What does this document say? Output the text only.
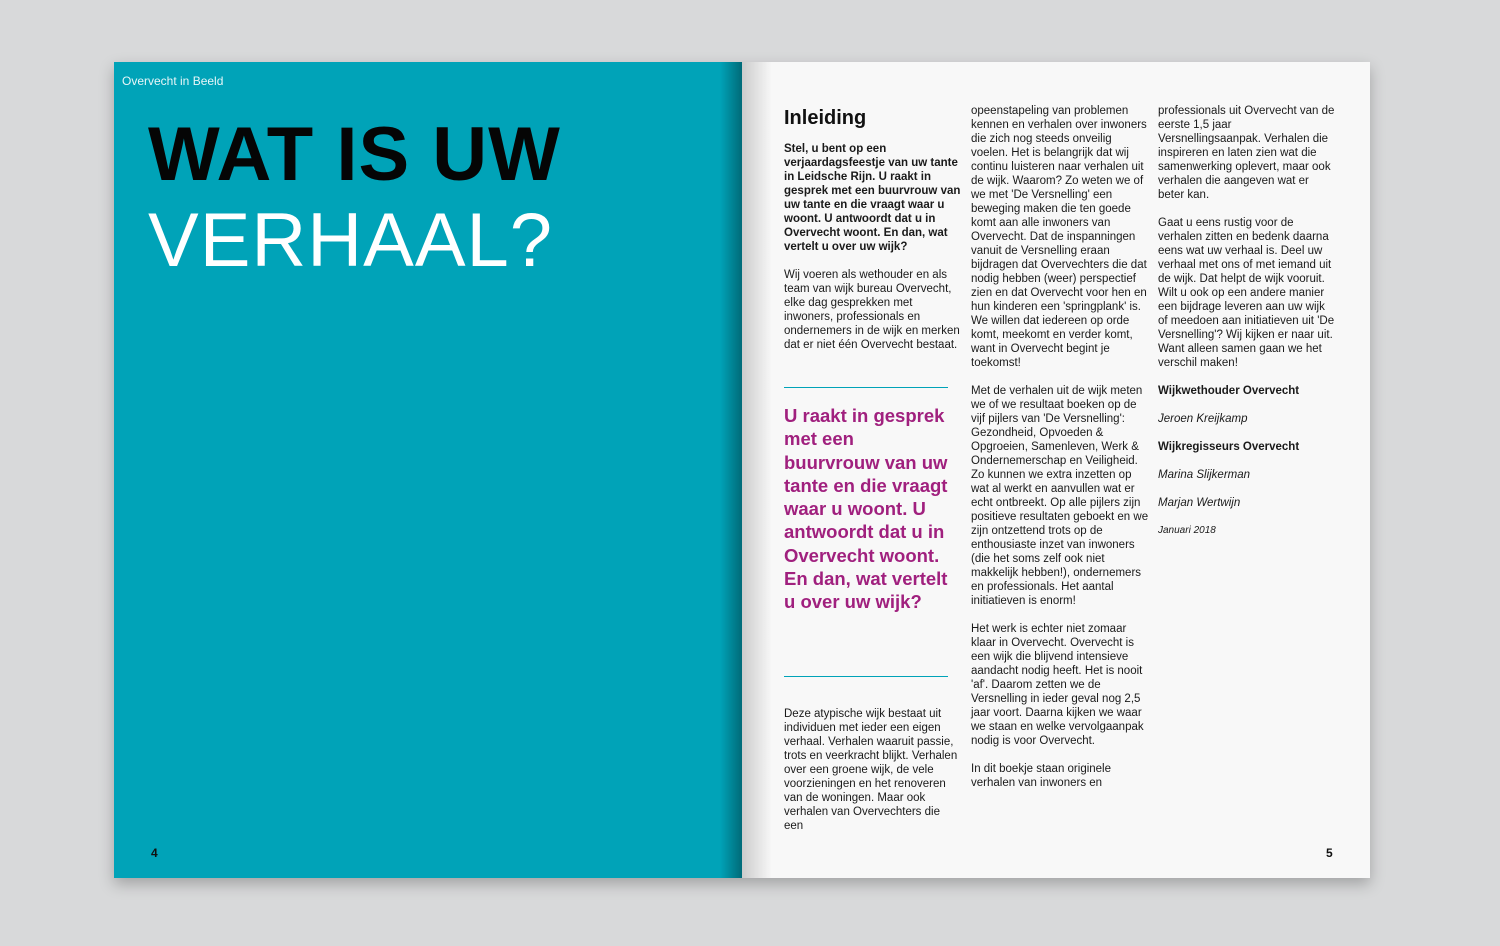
Overvecht in Beeld
WAT IS UW
VERHAAL?
4
Inleiding

Stel, u bent op een verjaardagsfeestje van uw tante in Leidsche Rijn. U raakt in gesprek met een buurvrouw van uw tante en die vraagt waar u woont. U antwoordt dat u in Overvecht woont. En dan, wat vertelt u over uw wijk?

Wij voeren als wethouder en als team van wijk bureau Overvecht, elke dag gesprekken met inwoners, professionals en ondernemers in de wijk en merken dat er niet één Overvecht bestaat.

U raakt in gesprek met een buurvrouw van uw tante en die vraagt waar u woont. U antwoordt dat u in Overvecht woont. En dan, wat vertelt u over uw wijk?

Deze atypische wijk bestaat uit individuen met ieder een eigen verhaal. Verhalen waaruit passie, trots en veerkracht blijkt. Verhalen over een groene wijk, de vele voorzieningen en het renoveren van de woningen. Maar ook verhalen van Overvechters die een

opeenstapeling van problemen kennen en verhalen over inwoners die zich nog steeds onveilig voelen. Het is belangrijk dat wij continu luisteren naar verhalen uit de wijk. Waarom? Zo weten we of we met 'De Versnelling' een beweging maken die ten goede komt aan alle inwoners van Overvecht. Dat de inspanningen vanuit de Versnelling eraan bijdragen dat Overvechters die dat nodig hebben (weer) perspectief zien en dat Overvecht voor hen en hun kinderen een 'springplank' is. We willen dat iedereen op orde komt, meekomt en verder komt, want in Overvecht begint je toekomst!

Met de verhalen uit de wijk meten we of we resultaat boeken op de vijf pijlers van 'De Versnelling': Gezondheid, Opvoeden & Opgroeien, Samenleven, Werk & Ondernemerschap en Veiligheid. Zo kunnen we extra inzetten op wat al werkt en aanvullen wat er echt ontbreekt. Op alle pijlers zijn positieve resultaten geboekt en we zijn ontzettend trots op de enthousiaste inzet van inwoners (die het soms zelf ook niet makkelijk hebben!), ondernemers en professionals. Het aantal initiatieven is enorm!

Het werk is echter niet zomaar klaar in Overvecht. Overvecht is een wijk die blijvend intensieve aandacht nodig heeft. Het is nooit 'af'. Daarom zetten we de Versnelling in ieder geval nog 2,5 jaar voort. Daarna kijken we waar we staan en welke vervolgaanpak nodig is voor Overvecht.

In dit boekje staan originele verhalen van inwoners en

professionals uit Overvecht van de eerste 1,5 jaar Versnellingsaanpak. Verhalen die inspireren en laten zien wat die samenwerking oplevert, maar ook verhalen die aangeven wat er beter kan.

Gaat u eens rustig voor de verhalen zitten en bedenk daarna eens wat uw verhaal is. Deel uw verhaal met ons of met iemand uit de wijk. Dat helpt de wijk vooruit. Wilt u ook op een andere manier een bijdrage leveren aan uw wijk of meedoen aan initiatieven uit 'De Versnelling'? Wij kijken er naar uit. Want alleen samen gaan we het verschil maken!

Wijkwethouder Overvecht

Jeroen Kreijkamp

Wijkregisseurs Overvecht

Marina Slijkerman

Marjan Wertwijn

Januari 2018

5
